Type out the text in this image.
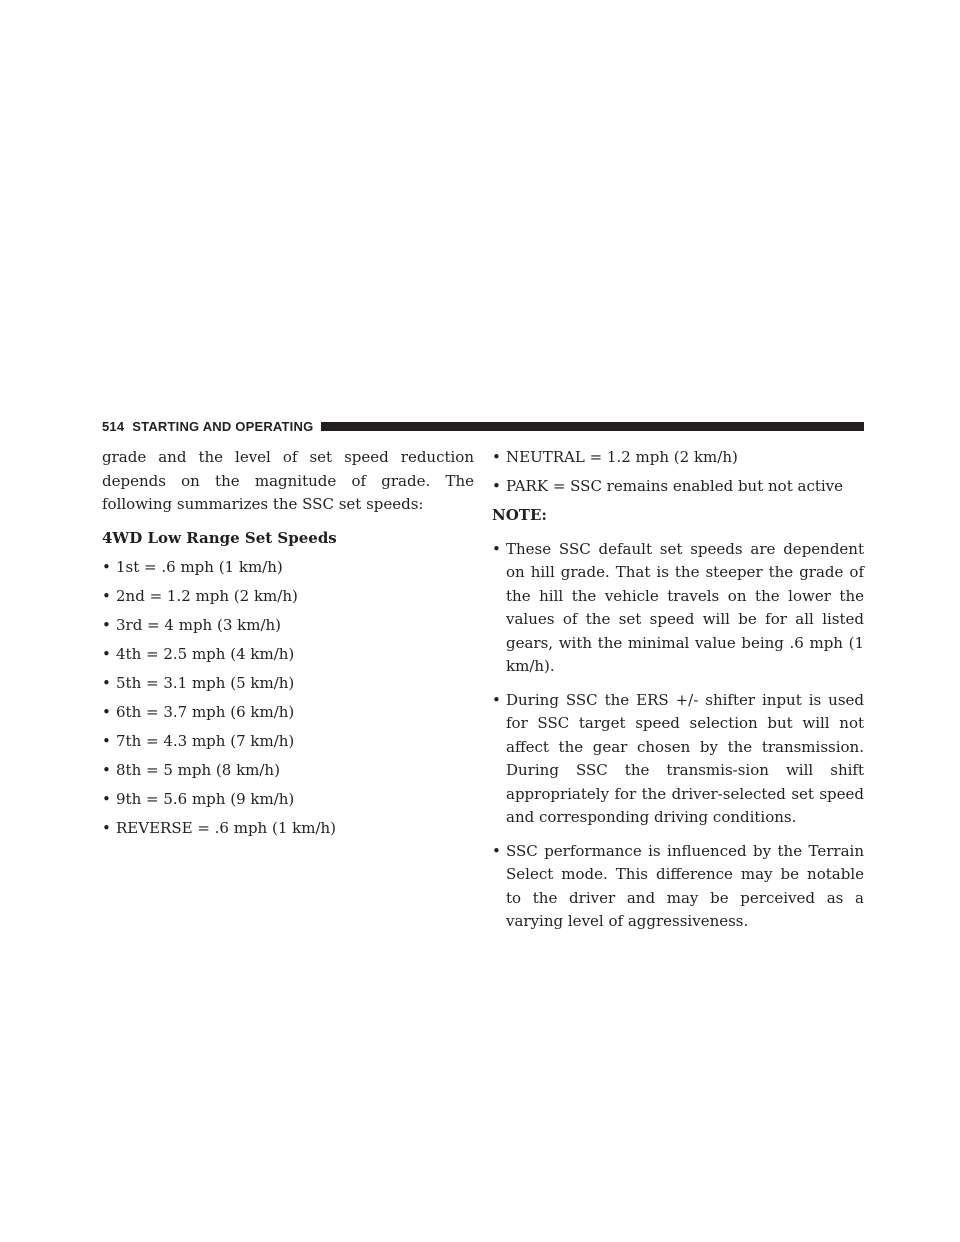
514 STARTING AND OPERATING

grade and the level of set speed reduction depends on the magnitude of grade. The following summarizes the SSC set speeds:

4WD Low Range Set Speeds
• 1st = .6 mph (1 km/h)
• 2nd = 1.2 mph (2 km/h)
• 3rd = 4 mph (3 km/h)
• 4th = 2.5 mph (4 km/h)
• 5th = 3.1 mph (5 km/h)
• 6th = 3.7 mph (6 km/h)
• 7th = 4.3 mph (7 km/h)
• 8th = 5 mph (8 km/h)
• 9th = 5.6 mph (9 km/h)
• REVERSE = .6 mph (1 km/h)
• NEUTRAL = 1.2 mph (2 km/h)
• PARK = SSC remains enabled but not active
NOTE:
• These SSC default set speeds are dependent on hill grade. That is the steeper the grade of the hill the vehicle travels on the lower the values of the set speed will be for all listed gears, with the minimal value being .6 mph (1 km/h).
• During SSC the ERS +/- shifter input is used for SSC target speed selection but will not affect the gear chosen by the transmission. During SSC the transmis-sion will shift appropriately for the driver-selected set speed and corresponding driving conditions.
• SSC performance is influenced by the Terrain Select mode. This difference may be notable to the driver and may be perceived as a varying level of aggressiveness.
